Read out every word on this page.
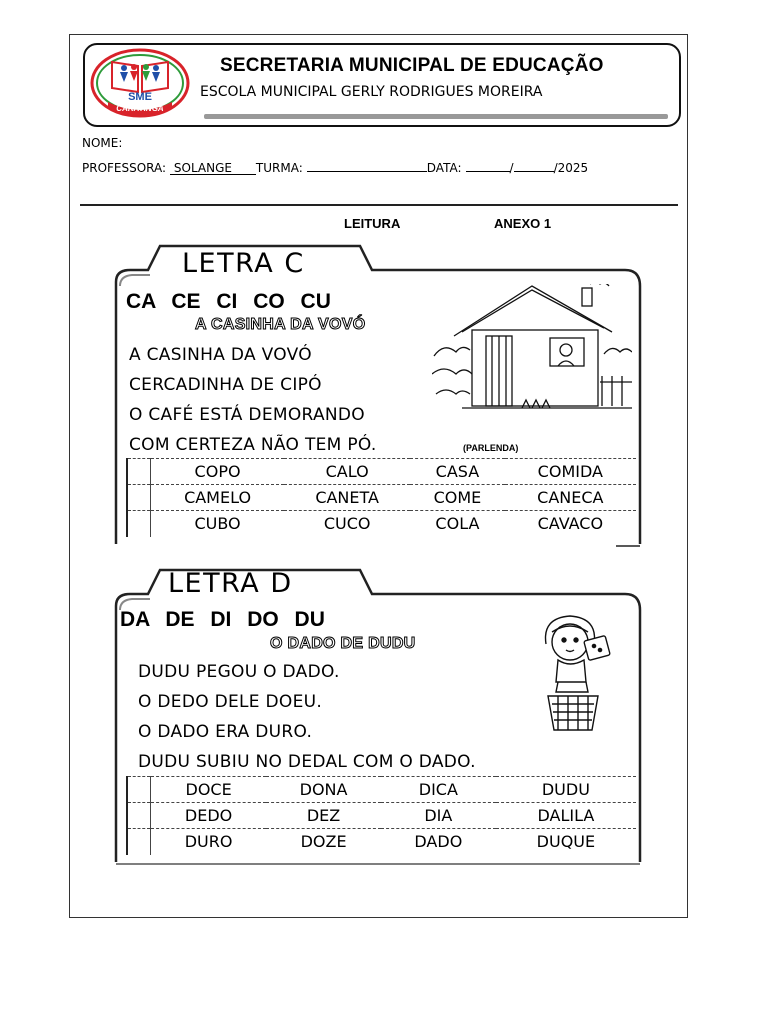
SME
CARATINGA
SECRETARIA MUNICIPAL DE EDUCAÇÃO
ESCOLA MUNICIPAL GERLY RODRIGUES MOREIRA
NOME:
PROFESSORA: SOLANGE TURMA:	DATA:	/	/2025
LEITURA	ANEXO 1
LETRA C
CA CE CI CO CU
A CASINHA DA VOVÓ
A CASINHA DA VOVÓ
CERCADINHA DE CIPÓ
O CAFÉ ESTÁ DEMORANDO
COM CERTEZA NÃO TEM PÓ.	(PARLENDA)
	COPO	CALO	CASA	COMIDA
	CAMELO	CANETA	COME	CANECA
	CUBO	CUCO	COLA	CAVACO
LETRA D
DA DE DI DO DU
O DADO DE DUDU
DUDU PEGOU O DADO.
O DEDO DELE DOEU.
O DADO ERA DURO.
DUDU SUBIU NO DEDAL COM O DADO.
	DOCE	DONA	DICA	DUDU
	DEDO	DEZ	DIA	DALILA
	DURO	DOZE	DADO	DUQUE
